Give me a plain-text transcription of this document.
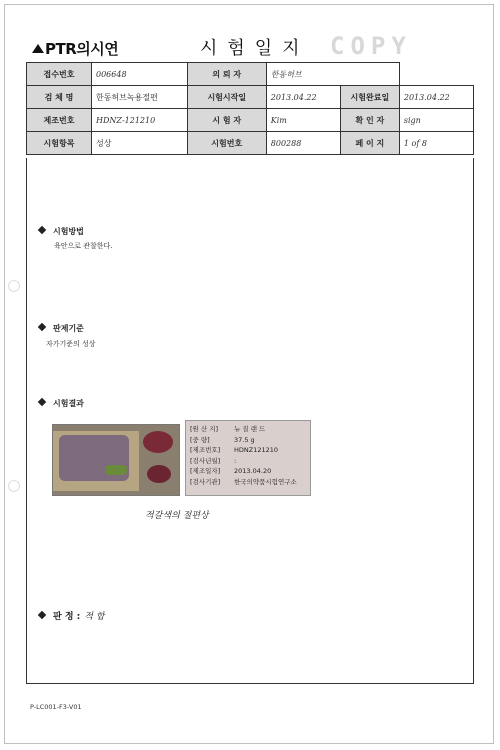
PTR의시연	시험일지 COPY
접수번호	006648	의 뢰 자	한동허브		
검 체 명	한동허브녹용절편	시험시작일	2013.04.22	시험완료일	2013.04.22
제조번호	HDNZ-121210	시 험 자	Kim	확 인 자	sign
시험항목	성상	시험번호	800288	페 이 지	1 of 8
시험방법
육안으로 관찰한다.
판제기준
자가기준의 성상
시험결과
[원 산 지]	뉴 질 랜 드
[중 량]	37.5 g
[제조번호]	HDNZ121210
[검사년월]	:
[제조일자]	2013.04.20
[검사기관]	한국의약품시험연구소
적갈색의 절편상
판 정 : 적 합
P-LC001-F3-V01
